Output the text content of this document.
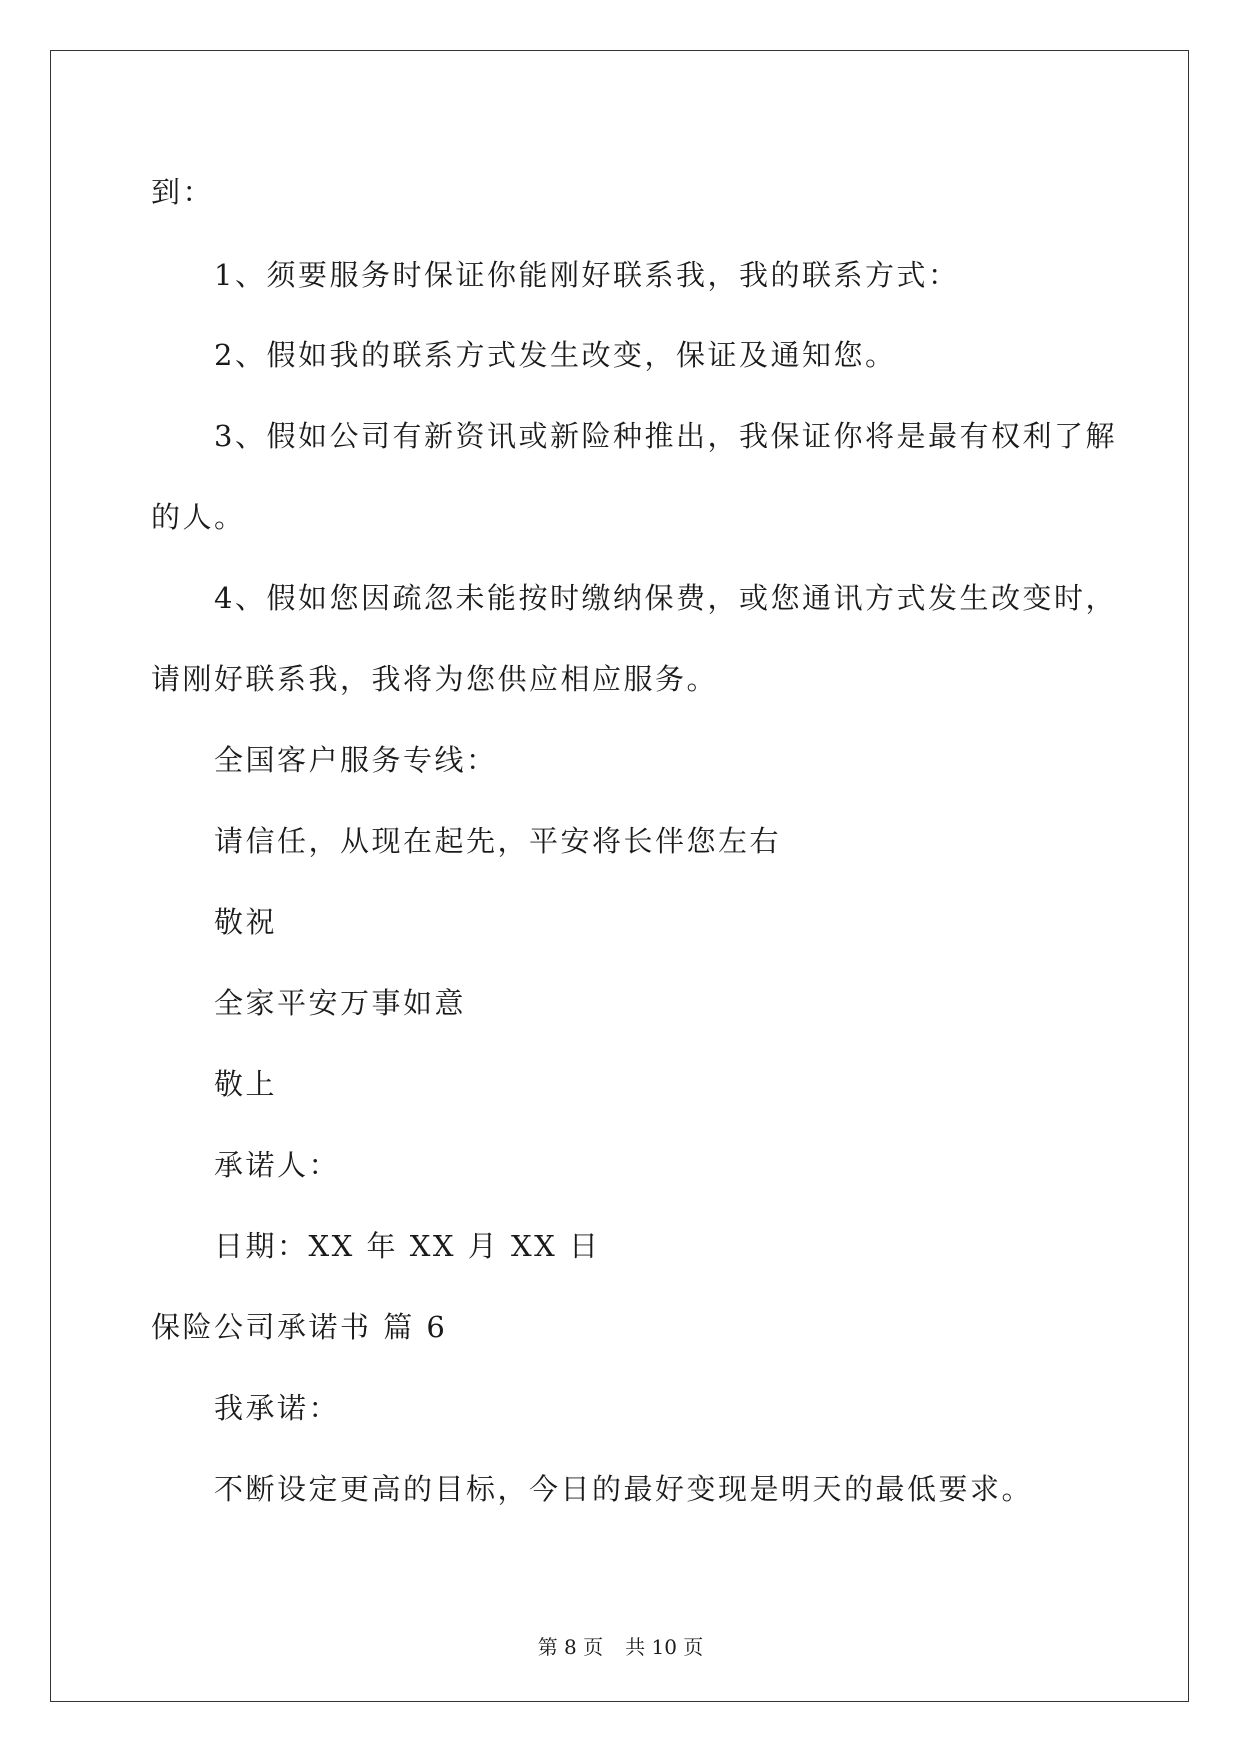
到：
1、须要服务时保证你能刚好联系我，我的联系方式：
2、假如我的联系方式发生改变，保证及通知您。
3、假如公司有新资讯或新险种推出，我保证你将是最有权利了解
的人。
4、假如您因疏忽未能按时缴纳保费，或您通讯方式发生改变时，
请刚好联系我，我将为您供应相应服务。
全国客户服务专线：
请信任，从现在起先，平安将长伴您左右
敬祝
全家平安万事如意
敬上
承诺人：
日期：XX 年 XX 月 XX 日
保险公司承诺书 篇 6
我承诺：
不断设定更高的目标，今日的最好变现是明天的最低要求。
第 8 页 共 10 页
